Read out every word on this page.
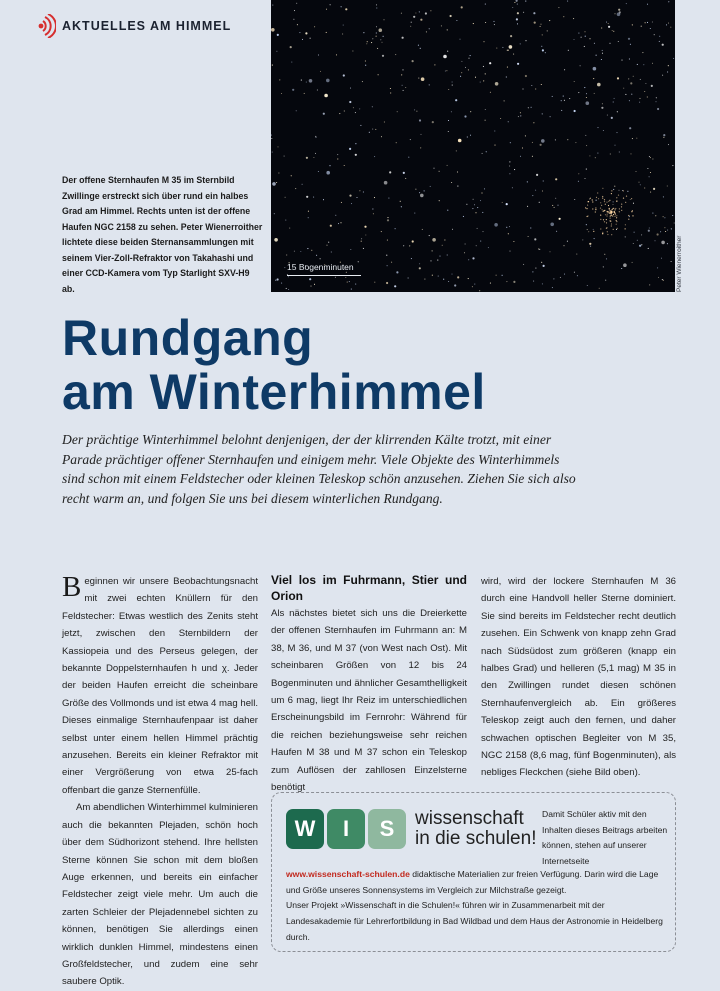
AKTUELLES AM HIMMEL
15 Bogenminuten	Peter Wienerroither
Der offene Sternhaufen M 35 im Sternbild Zwillinge erstreckt sich über rund ein halbes Grad am Himmel. Rechts unten ist der offene Haufen NGC 2158 zu sehen. Peter Wienerroither lichtete diese beiden Sternansammlungen mit seinem Vier-Zoll-Refraktor von Takahashi und einer CCD-Kamera vom Typ Starlight SXV-H9 ab.
Rundgang
am Winterhimmel
Der prächtige Winterhimmel belohnt denjenigen, der der klirrenden Kälte trotzt, mit einer Parade prächtiger offener Sternhaufen und einigem mehr. Viele Objekte des Winterhimmels sind schon mit einem Feldstecher oder kleinen Teleskop schön anzusehen. Ziehen Sie sich also recht warm an, und folgen Sie uns bei diesem winterlichen Rundgang.

B eginnen wir unsere Beobachtungsnacht mit zwei echten Knüllern für den Feldstecher: Etwas westlich des Zenits steht jetzt, zwischen den Sternbildern der Kassiopeia und des Perseus gelegen, der bekannte Doppelsternhaufen h und χ. Jeder der beiden Haufen erreicht die scheinbare Größe des Vollmonds und ist etwa 4 mag hell. Dieses einmalige Sternhaufenpaar ist daher selbst unter einem hellen Himmel prächtig anzusehen. Bereits ein kleiner Refraktor mit einer Vergrößerung von etwa 25-fach offenbart die ganze Sternenfülle.

Am abendlichen Winterhimmel kulminieren auch die bekannten Plejaden, schön hoch über dem Südhorizont stehend. Ihre hellsten Sterne können Sie schon mit dem bloßen Auge erkennen, und bereits ein einfacher Feldstecher zeigt viele mehr. Um auch die zarten Schleier der Plejadennebel sichten zu können, benötigen Sie allerdings einen wirklich dunklen Himmel, mindestens einen Großfeldstecher, und zudem eine sehr saubere Optik.

Viel los im Fuhrmann, Stier und Orion

Als nächstes bietet sich uns die Dreierkette der offenen Sternhaufen im Fuhrmann an: M 38, M 36, und M 37 (von West nach Ost). Mit scheinbaren Größen von 12 bis 24 Bogenminuten und ähnlicher Gesamthelligkeit um 6 mag, liegt Ihr Reiz im unterschiedlichen Erscheinungsbild im Fernrohr: Während für die reichen beziehungsweise sehr reichen Haufen M 38 und M 37 schon ein Teleskop zum Auflösen der zahllosen Einzelsterne benötigt

wird, wird der lockere Sternhaufen M 36 durch eine Handvoll heller Sterne dominiert. Sie sind bereits im Feldstecher recht deutlich zusehen. Ein Schwenk von knapp zehn Grad nach Südsüdost zum größeren (knapp ein halbes Grad) und helleren (5,1 mag) M 35 in den Zwillingen rundet diesen schönen Sternhaufenvergleich ab. Ein größeres Teleskop zeigt auch den fernen, und daher schwachen optischen Begleiter von M 35, NGC 2158 (8,6 mag, fünf Bogenminuten), als nebliges Fleckchen (siehe Bild oben).

W	I	S	wissenschaft
in die schulen!
Damit Schüler aktiv mit den Inhalten dieses Beitrags arbeiten können, stehen auf unserer Internetseite
www.wissenschaft-schulen.de didaktische Materialien zur freien Verfügung. Darin wird die Lage und Größe unseres Sonnensystems im Vergleich zur Milchstraße gezeigt.
Unser Projekt »Wissenschaft in die Schulen!« führen wir in Zusammenarbeit mit der Landesakademie für Lehrerfortbildung in Bad Wildbad und dem Haus der Astronomie in Heidelberg durch.
